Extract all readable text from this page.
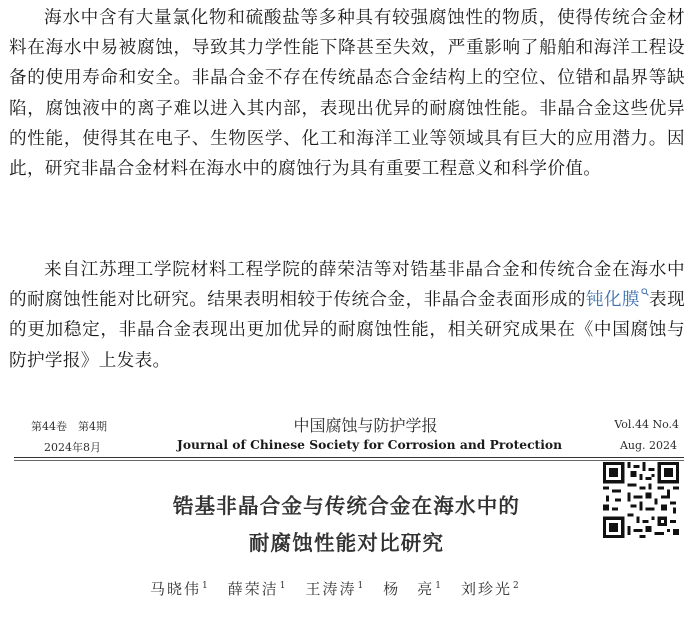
海水中含有大量氯化物和硫酸盐等多种具有较强腐蚀性的物质，使得传统合金材料在海水中易被腐蚀，导致其力学性能下降甚至失效，严重影响了船舶和海洋工程设备的使用寿命和安全。非晶合金不存在传统晶态合金结构上的空位、位错和晶界等缺陷，腐蚀液中的离子难以进入其内部，表现出优异的耐腐蚀性能。非晶合金这些优异的性能，使得其在电子、生物医学、化工和海洋工业等领域具有巨大的应用潜力。因此，研究非晶合金材料在海水中的腐蚀行为具有重要工程意义和科学价值。

来自江苏理工学院材料工程学院的薛荣洁等对锆基非晶合金和传统合金在海水中的耐腐蚀性能对比研究。结果表明相较于传统合金，非晶合金表面形成的钝化膜 表现的更加稳定，非晶合金表现出更加优异的耐腐蚀性能，相关研究成果在《中国腐蚀与防护学报》上发表。

第44卷　第4期
2024年8月
中国腐蚀与防护学报
Journal of Chinese Society for Corrosion and Protection
Vol.44 No.4
Aug. 2024
锆基非晶合金与传统合金在海水中的
耐腐蚀性能对比研究
马晓伟$^1$ 薛荣洁$^1$ 王涛涛$^1$ 杨　亮$^1$ 刘珍光$^2$
